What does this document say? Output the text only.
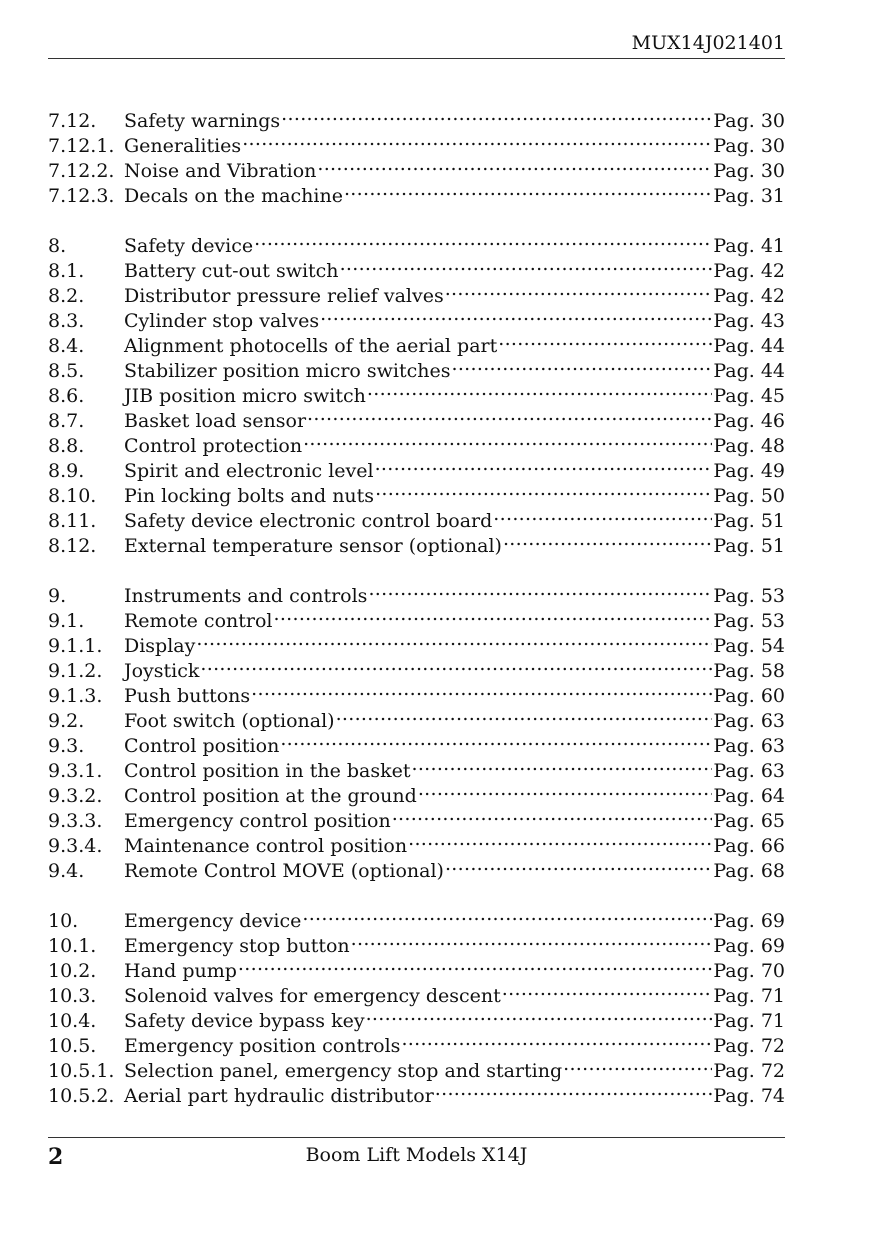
MUX14J021401
7.12.	Safety warnings .....	Pag. 30
7.12.1. Generalities .....	Pag. 30
7.12.2. Noise and Vibration .....	Pag. 30
7.12.3. Decals on the machine .....	Pag. 31
8.	Safety device .....	Pag. 41
8.1.	Battery cut-out switch .....	Pag. 42
8.2.	Distributor pressure relief valves .....	Pag. 42
8.3.	Cylinder stop valves .....	Pag. 43
8.4.	Alignment photocells of the aerial part .....	Pag. 44
8.5.	Stabilizer position micro switches .....	Pag. 44
8.6.	JIB position micro switch .....	Pag. 45
8.7.	Basket load sensor .....	Pag. 46
8.8.	Control protection .....	Pag. 48
8.9.	Spirit and electronic level .....	Pag. 49
8.10.	Pin locking bolts and nuts .....	Pag. 50
8.11.	Safety device electronic control board .....	Pag. 51
8.12.	External temperature sensor (optional) .....	Pag. 51
9.	Instruments and controls .....	Pag. 53
9.1.	Remote control .....	Pag. 53
9.1.1.	Display .....	Pag. 54
9.1.2.	Joystick .....	Pag. 58
9.1.3.	Push buttons .....	Pag. 60
9.2.	Foot switch (optional) .....	Pag. 63
9.3.	Control position .....	Pag. 63
9.3.1.	Control position in the basket .....	Pag. 63
9.3.2.	Control position at the ground .....	Pag. 64
9.3.3.	Emergency control position .....	Pag. 65
9.3.4.	Maintenance control position .....	Pag. 66
9.4.	Remote Control MOVE (optional) .....	Pag. 68
10.	Emergency device .....	Pag. 69
10.1.	Emergency stop button .....	Pag. 69
10.2.	Hand pump .....	Pag. 70
10.3.	Solenoid valves for emergency descent .....	Pag. 71
10.4.	Safety device bypass key .....	Pag. 71
10.5.	Emergency position controls .....	Pag. 72
10.5.1. Selection panel, emergency stop and starting .....	Pag. 72
10.5.2. Aerial part hydraulic distributor .....	Pag. 74
2	Boom Lift Models X14J
